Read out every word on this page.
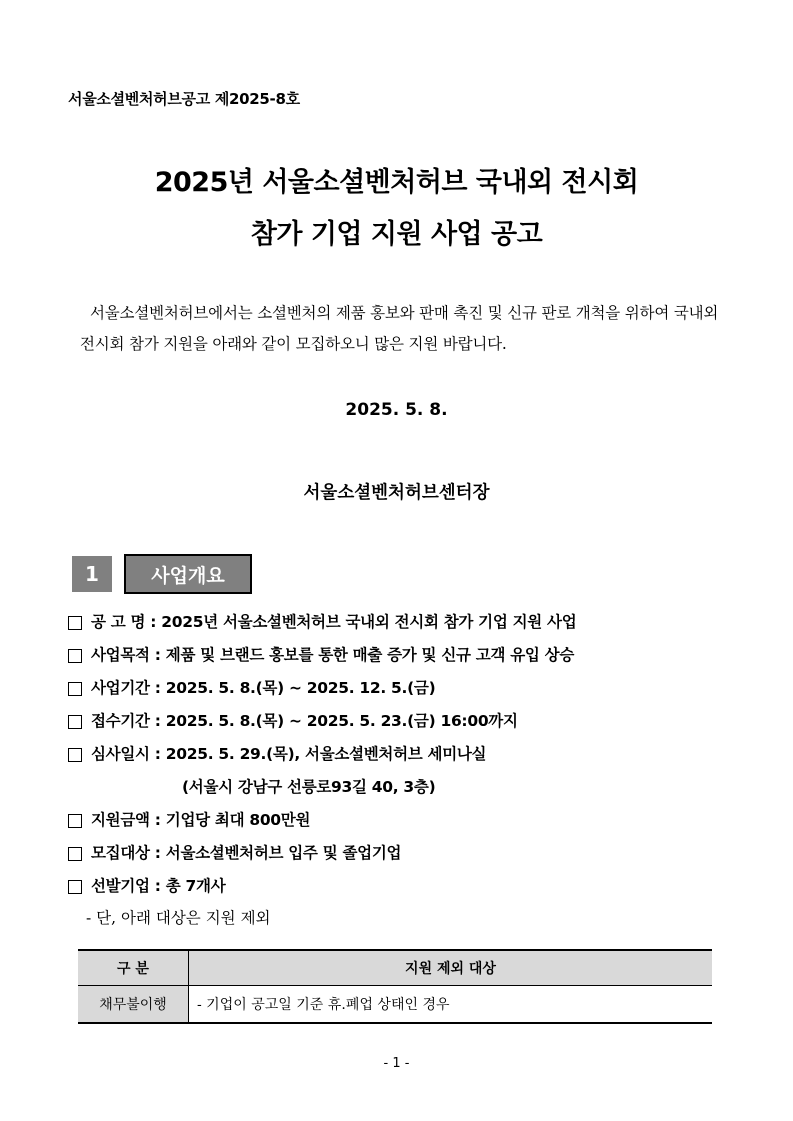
서울소셜벤처허브공고 제2025-8호
2025년 서울소셜벤처허브 국내외 전시회
참가 기업 지원 사업 공고
서울소셜벤처허브에서는 소셜벤처의 제품 홍보와 판매 촉진 및 신규 판로 개척을 위하여 국내외 전시회 참가 지원을 아래와 같이 모집하오니 많은 지원 바랍니다.
2025. 5. 8.
서울소셜벤처허브센터장
1	사업개요
공 고 명 : 2025년 서울소셜벤처허브 국내외 전시회 참가 기업 지원 사업
사업목적 : 제품 및 브랜드 홍보를 통한 매출 증가 및 신규 고객 유입 상승
사업기간 : 2025. 5. 8.(목) ~ 2025. 12. 5.(금)
접수기간 : 2025. 5. 8.(목) ~ 2025. 5. 23.(금) 16:00까지
심사일시 : 2025. 5. 29.(목), 서울소셜벤처허브 세미나실
(서울시 강남구 선릉로93길 40, 3층)
지원금액 : 기업당 최대 800만원
모집대상 : 서울소셜벤처허브 입주 및 졸업기업
선발기업 : 총 7개사
- 단, 아래 대상은 지원 제외
구 분	지원 제외 대상
채무불이행	- 기업이 공고일 기준 휴․폐업 상태인 경우
- 1 -
